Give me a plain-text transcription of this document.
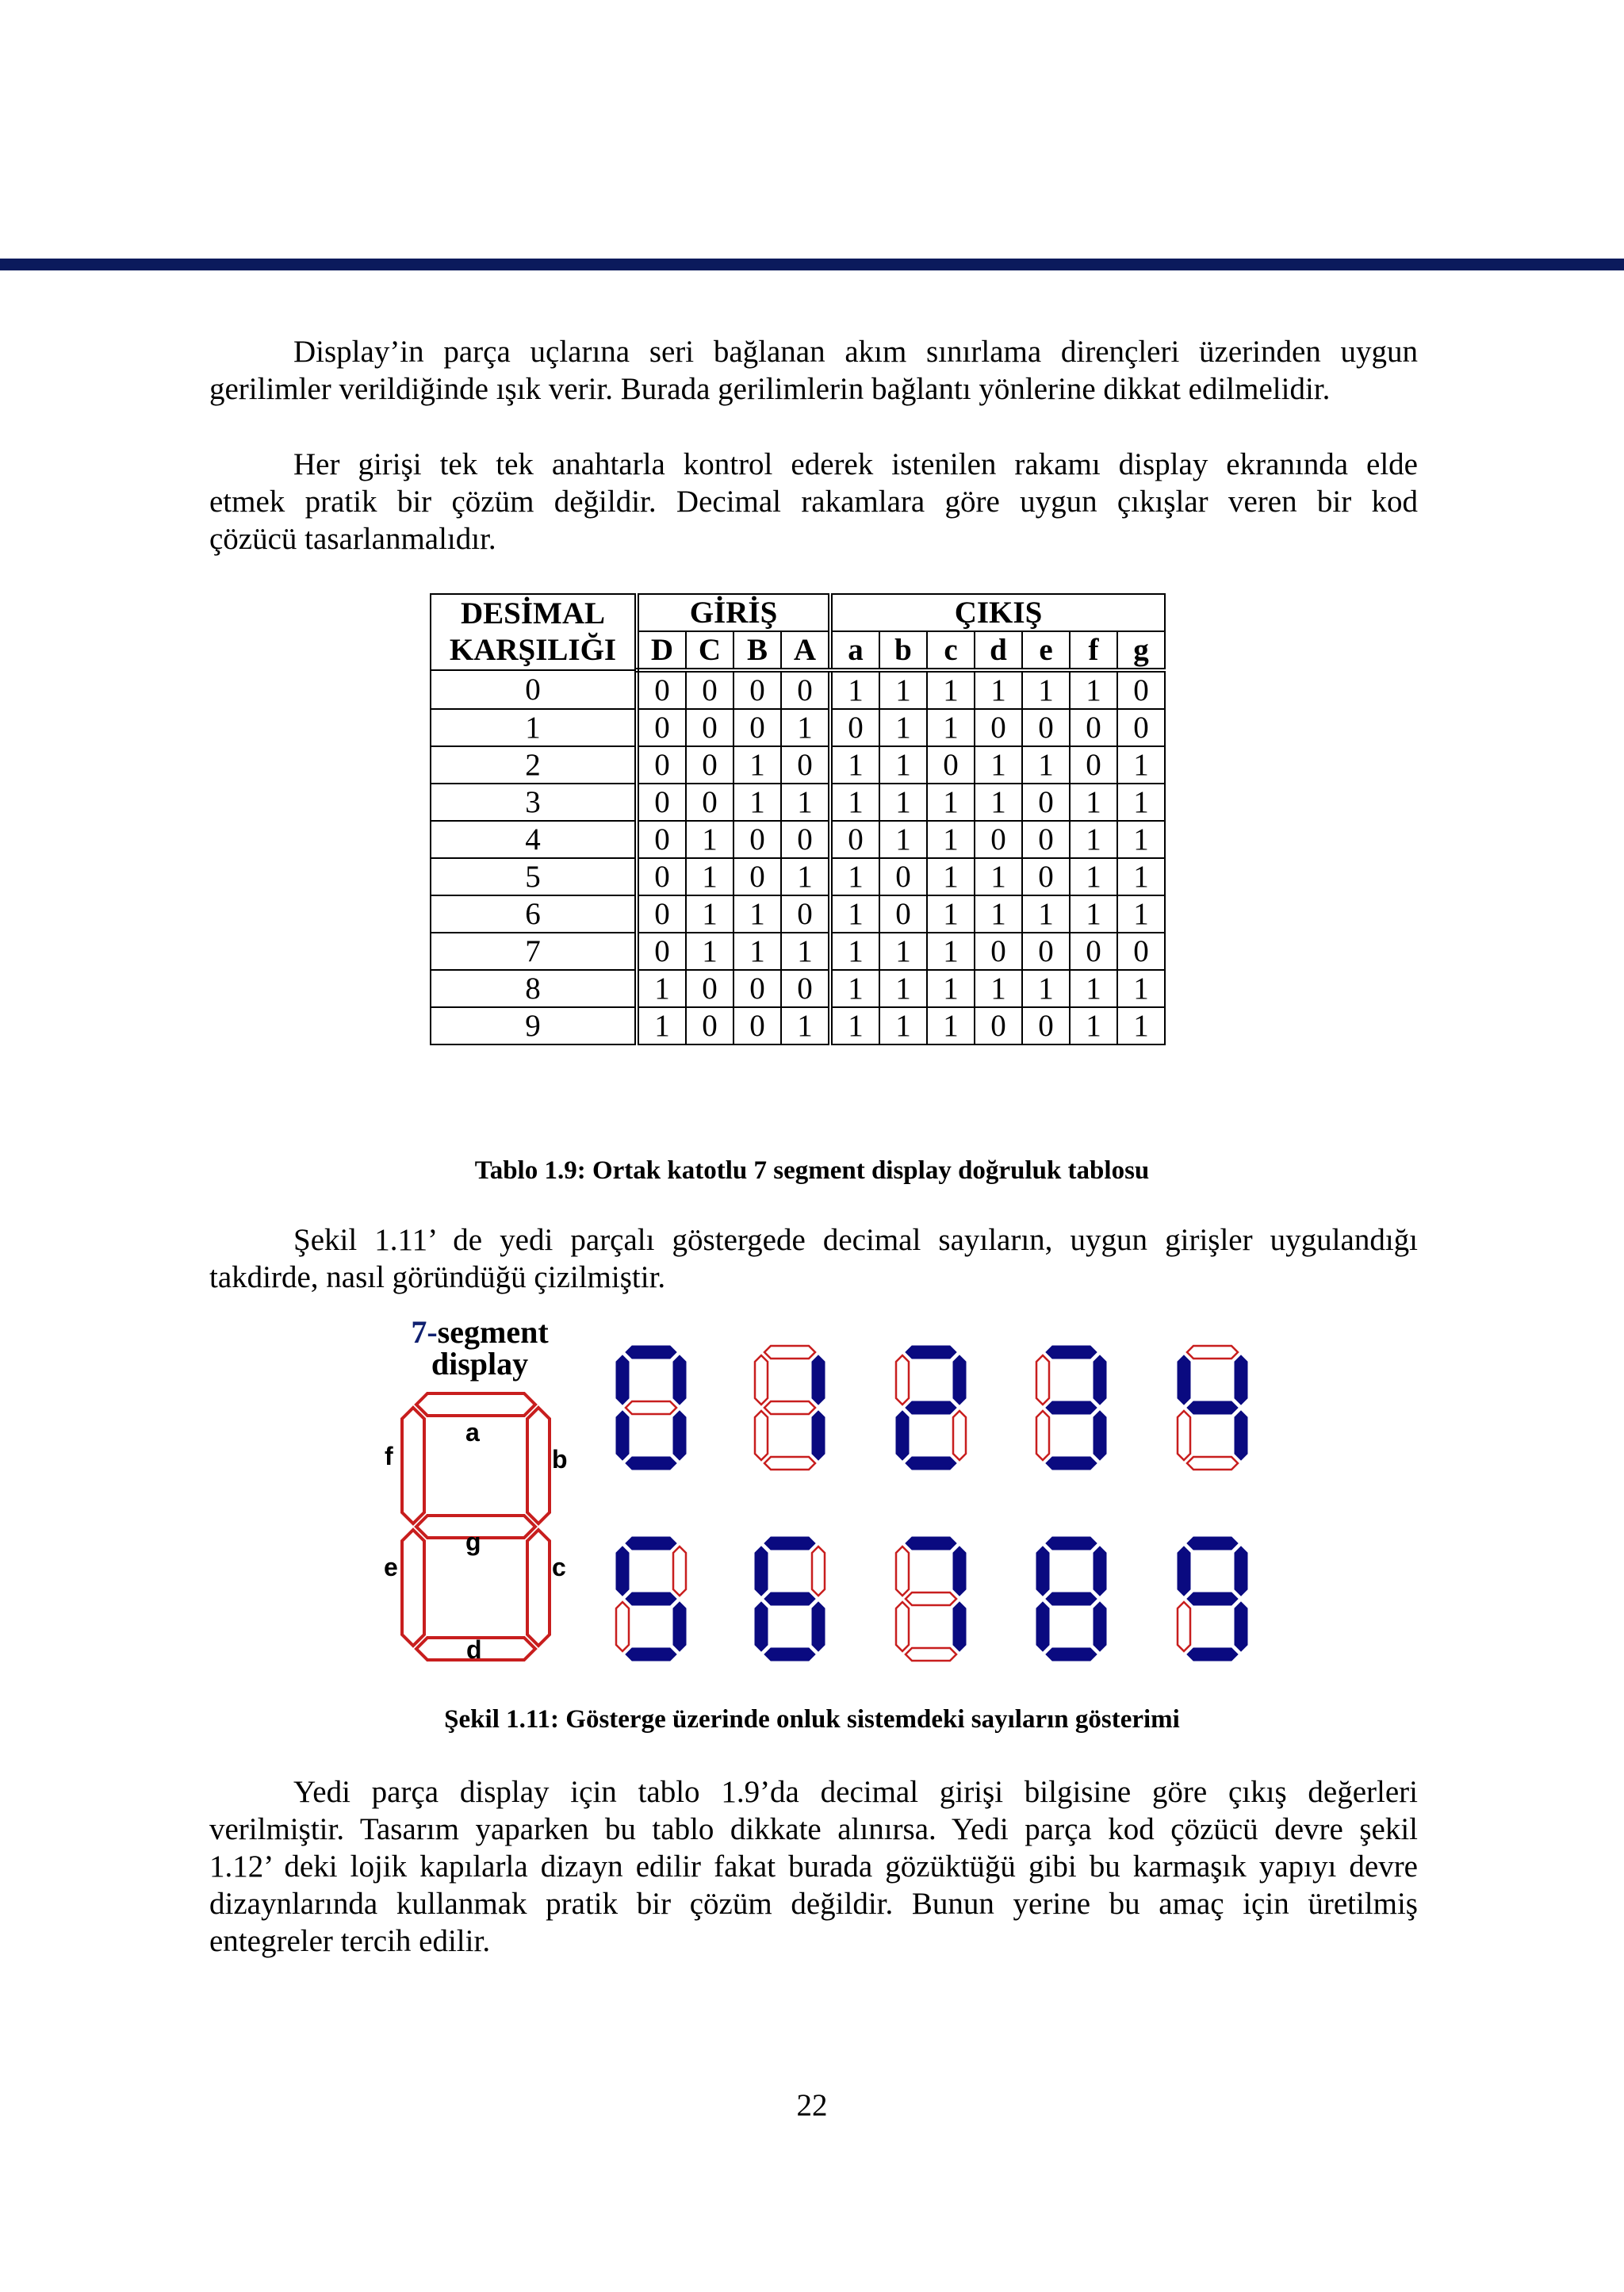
Display’in parça uçlarına seri bağlanan akım sınırlama dirençleri üzerinden uygun
gerilimler verildiğinde ışık verir. Burada gerilimlerin bağlantı yönlerine dikkat edilmelidir.
Her girişi tek tek anahtarla kontrol ederek istenilen rakamı display ekranında elde
etmek pratik bir çözüm değildir. Decimal rakamlara göre uygun çıkışlar veren bir kod
çözücü tasarlanmalıdır.
DESİMAL
KARŞILIĞI	GİRİŞ				ÇIKIŞ						
	D	C	B	A	a	b	c	d	e	f	g
0	0	0	0	0	1	1	1	1	1	1	0
1	0	0	0	1	0	1	1	0	0	0	0
2	0	0	1	0	1	1	0	1	1	0	1
3	0	0	1	1	1	1	1	1	0	1	1
4	0	1	0	0	0	1	1	0	0	1	1
5	0	1	0	1	1	0	1	1	0	1	1
6	0	1	1	0	1	0	1	1	1	1	1
7	0	1	1	1	1	1	1	0	0	0	0
8	1	0	0	0	1	1	1	1	1	1	1
9	1	0	0	1	1	1	1	0	0	1	1

Tablo 1.9: Ortak katotlu 7 segment display doğruluk tablosu

Şekil 1.11’ de yedi parçalı göstergede decimal sayıların, uygun girişler uygulandığı
takdirde, nasıl göründüğü çizilmiştir.
7-segment
display
a
f	b
g
e	c
d

Şekil 1.11: Gösterge üzerinde onluk sistemdeki sayıların gösterimi

Yedi parça display için tablo 1.9’da decimal girişi bilgisine göre çıkış değerleri
verilmiştir. Tasarım yaparken bu tablo dikkate alınırsa. Yedi parça kod çözücü devre şekil
1.12’ deki lojik kapılarla dizayn edilir fakat burada gözüktüğü gibi bu karmaşık yapıyı devre
dizaynlarında kullanmak pratik bir çözüm değildir. Bunun yerine bu amaç için üretilmiş
entegreler tercih edilir.
22
